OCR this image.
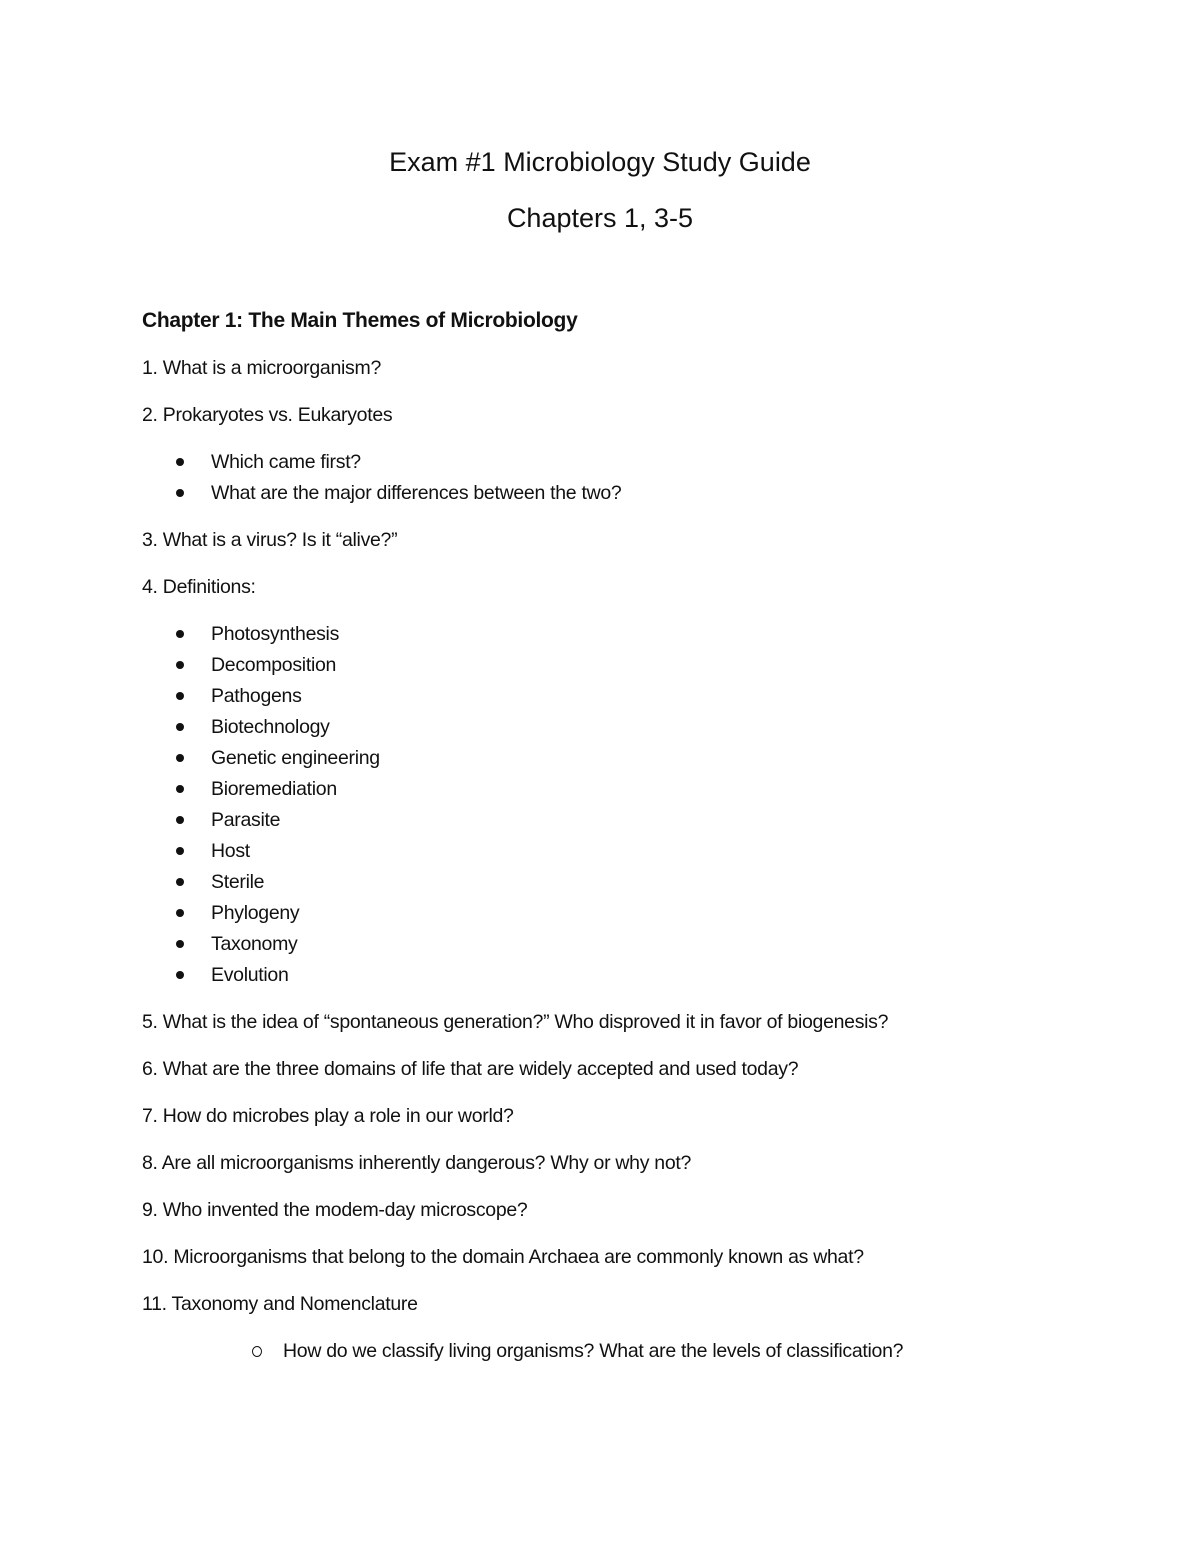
Exam #1 Microbiology Study Guide
Chapters 1, 3-5
Chapter 1: The Main Themes of Microbiology
1. What is a microorganism?
2. Prokaryotes vs. Eukaryotes
Which came first?
What are the major differences between the two?
3. What is a virus? Is it “alive?”
4. Definitions:
Photosynthesis
Decomposition
Pathogens
Biotechnology
Genetic engineering
Bioremediation
Parasite
Host
Sterile
Phylogeny
Taxonomy
Evolution
5. What is the idea of “spontaneous generation?” Who disproved it in favor of biogenesis?
6. What are the three domains of life that are widely accepted and used today?
7. How do microbes play a role in our world?
8. Are all microorganisms inherently dangerous? Why or why not?
9. Who invented the modem-day microscope?
10. Microorganisms that belong to the domain Archaea are commonly known as what?
11. Taxonomy and Nomenclature
How do we classify living organisms? What are the levels of classification?
